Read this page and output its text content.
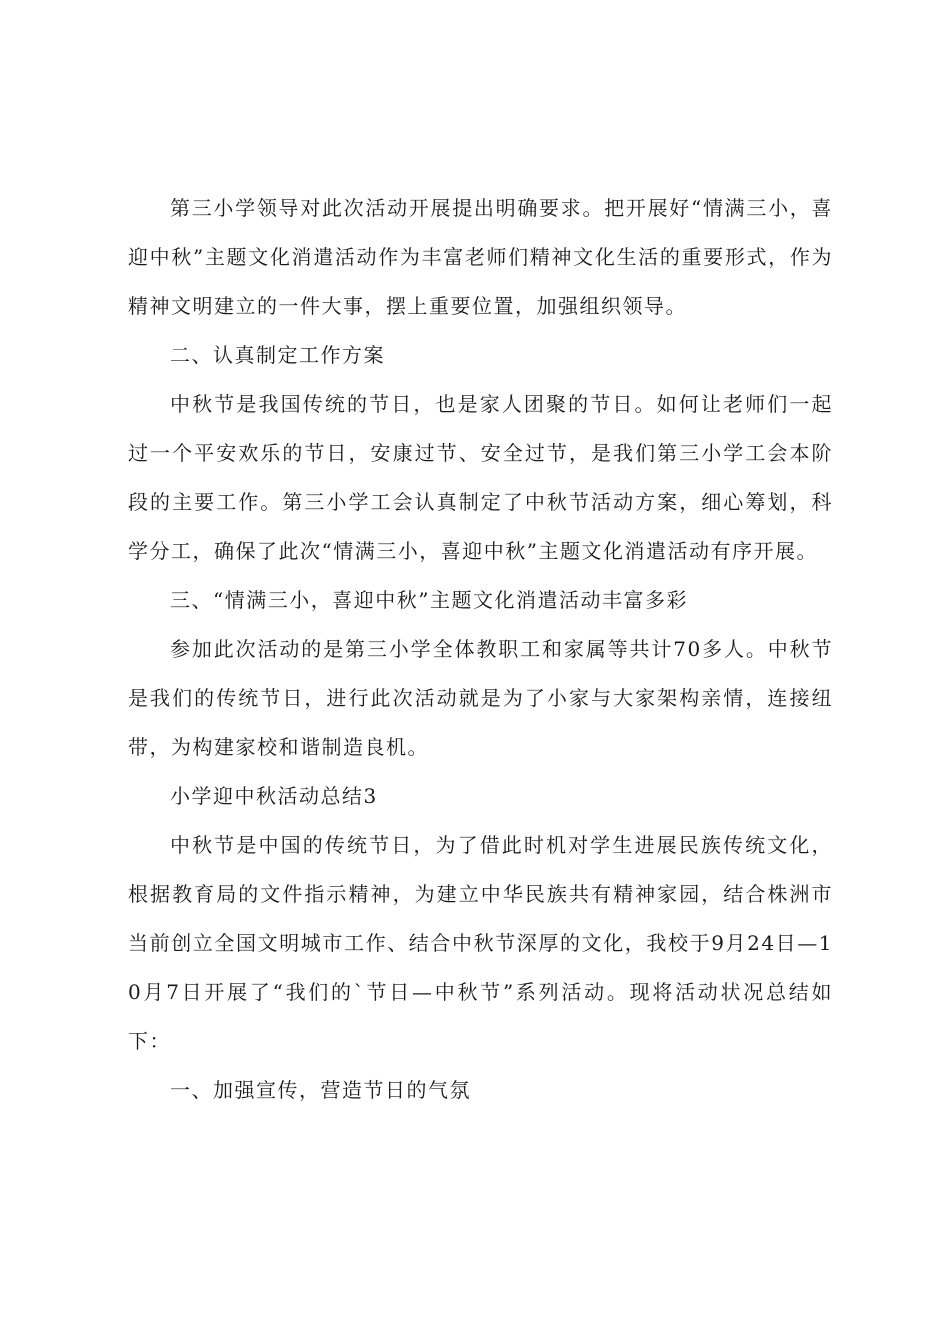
第三小学领导对此次活动开展提出明确要求。把开展好“情满三小，喜迎中秋”主题文化消遣活动作为丰富老师们精神文化生活的重要形式，作为精神文明建立的一件大事，摆上重要位置，加强组织领导。

二、认真制定工作方案

中秋节是我国传统的节日，也是家人团聚的节日。如何让老师们一起过一个平安欢乐的节日，安康过节、安全过节，是我们第三小学工会本阶段的主要工作。第三小学工会认真制定了中秋节活动方案，细心筹划，科学分工，确保了此次“情满三小，喜迎中秋”主题文化消遣活动有序开展。

三、“情满三小，喜迎中秋”主题文化消遣活动丰富多彩

参加此次活动的是第三小学全体教职工和家属等共计70多人。中秋节是我们的传统节日，进行此次活动就是为了小家与大家架构亲情，连接纽带，为构建家校和谐制造良机。

小学迎中秋活动总结3

中秋节是中国的传统节日，为了借此时机对学生进展民族传统文化，根据教育局的文件指示精神，为建立中华民族共有精神家园，结合株洲市当前创立全国文明城市工作、结合中秋节深厚的文化，我校于9月24日—10月7日开展了“我们的`节日—中秋节”系列活动。现将活动状况总结如下：

一、加强宣传，营造节日的气氛
